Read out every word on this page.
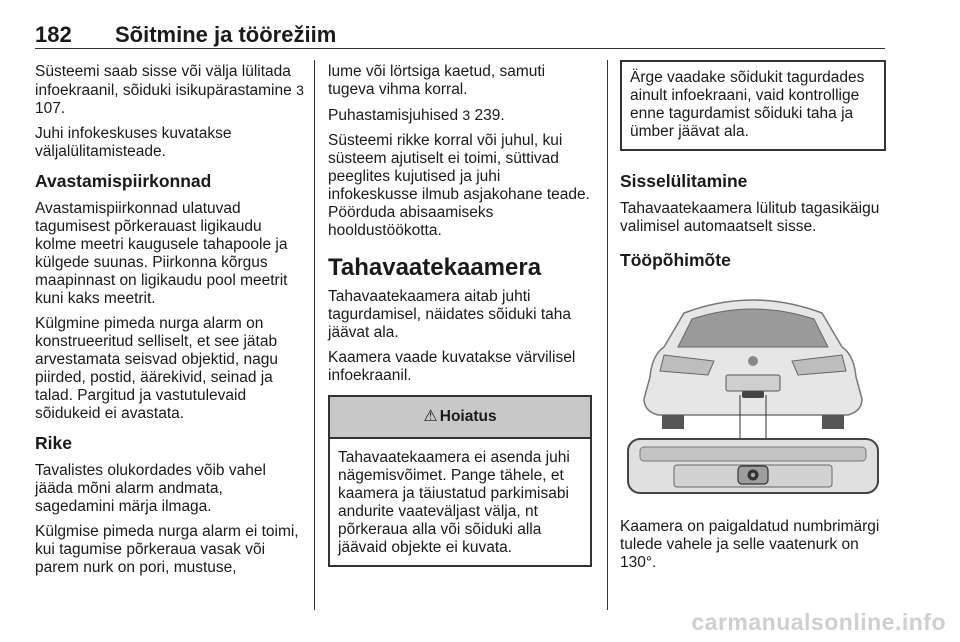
182 Sõitmine ja töörežiim

Süsteemi saab sisse või välja lülitada infoekraanil, sõiduki isikupärastamine 3 107.

Juhi infokeskuses kuvatakse väljalülitamisteade.

Avastamispiirkonnad

Avastamispiirkonnad ulatuvad tagumisest põrkerauast ligikaudu kolme meetri kaugusele tahapoole ja külgede suunas. Piirkonna kõrgus maapinnast on ligikaudu pool meetrit kuni kaks meetrit.

Külgmine pimeda nurga alarm on konstrueeritud selliselt, et see jätab arvestamata seisvad objektid, nagu piirded, postid, äärekivid, seinad ja talad. Pargitud ja vastutulevaid sõidukeid ei avastata.

Rike

Tavalistes olukordades võib vahel jääda mõni alarm andmata, sagedamini märja ilmaga.

Külgmise pimeda nurga alarm ei toimi, kui tagumise põrkeraua vasak või parem nurk on pori, mustuse,

lume või lörtsiga kaetud, samuti tugeva vihma korral.

Puhastamisjuhised 3 239.

Süsteemi rikke korral või juhul, kui süsteem ajutiselt ei toimi, süttivad peeglites kujutised ja juhi infokeskusse ilmub asjakohane teade. Pöörduda abisaamiseks hooldustöökotta.

Tahavaatekaamera

Tahavaatekaamera aitab juhti tagurdamisel, näidates sõiduki taha jäävat ala.

Kaamera vaade kuvatakse värvilisel infoekraanil.

⚠ Hoiatus
Tahavaatekaamera ei asenda juhi nägemisvõimet. Pange tähele, et kaamera ja täiustatud parkimisabi andurite vaateväljast välja, nt põrkeraua alla või sõiduki alla jäävaid objekte ei kuvata.
Ärge vaadake sõidukit tagurdades ainult infoekraani, vaid kontrollige enne tagurdamist sõiduki taha ja ümber jäävat ala.
Sisselülitamine

Tahavaatekaamera lülitub tagasikäigu valimisel automaatselt sisse.

Tööpõhimõte

Kaamera on paigaldatud numbrimärgi tulede vahele ja selle vaatenurk on 130°.

carmanualsonline.info
